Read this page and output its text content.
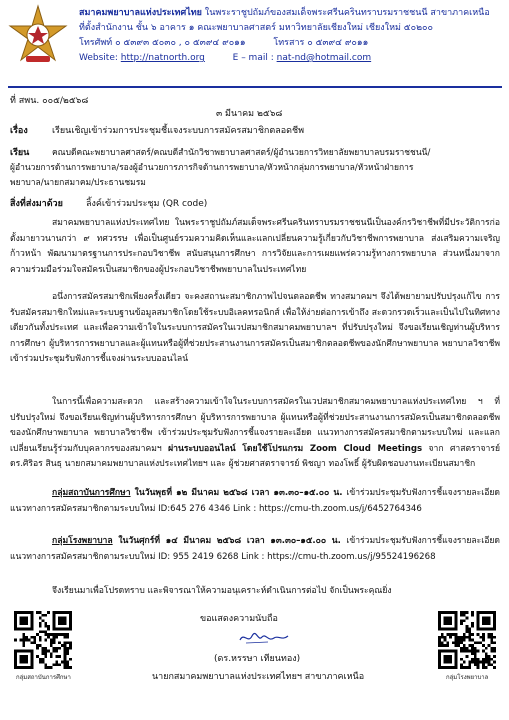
สมาคมพยาบาลแห่งประเทศไทย ในพระราชูปถัมภ์ของสมเด็จพระศรีนครินทราบรมราชชนนี สาขาภาคเหนือ
ที่ตั้งสำนักงาน ชั้น ๖ อาคาร ๑ คณะพยาบาลศาสตร์ มหาวิทยาลัยเชียงใหม่ เชียงใหม่ ๕๐๒๐๐
โทรศัพท์ ๐ ๕๓๙๓ ๕๐๓๐ , ๐ ๕๓๙๔ ๙๐๑๑	โทรสาร ๐ ๕๓๙๔ ๙๐๑๑
Website: http://natnorth.org	E – mail : nat-nd@hotmail.com
ที่ สพน. ๐๐๕/๒๕๖๘
๓ มีนาคม ๒๕๖๘
เรื่อง	เรียนเชิญเข้าร่วมการประชุมชี้แจงระบบการสมัครสมาชิกตลอดชีพ
เรียน	คณบดีคณะพยาบาลศาสตร์/คณบดีสำนักวิชาพยาบาลศาสตร์/ผู้อำนวยการวิทยาลัยพยาบาลบรมราชชนนี/
ผู้อำนวยการด้านการพยาบาล/รองผู้อำนวยการภารกิจด้านการพยาบาล/หัวหน้ากลุ่มการพยาบาล/หัวหน้าฝ่ายการ
พยาบาล/นายกสมาคม/ประธานชมรม
สิ่งที่ส่งมาด้วย	ลิ้งค์เข้าร่วมประชุม (QR code)
สมาคมพยาบาลแห่งประเทศไทย ในพระราชูปถัมภ์สมเด็จพระศรีนครินทราบรมราชชนนีเป็นองค์กรวิชาชีพที่มีประวัติการก่อตั้งมายาวนานกว่า ๙ ทศวรรษ เพื่อเป็นศูนย์รวมความคิดเห็นและแลกเปลี่ยนความรู้เกี่ยวกับวิชาชีพการพยาบาล ส่งเสริมความเจริญก้าวหน้า พัฒนามาตรฐานการประกอบวิชาชีพ สนับสนุนการศึกษา การวิจัยและการเผยแพร่ความรู้ทางการพยาบาล ส่วนหนึ่งมาจากความร่วมมือร่วมใจสมัครเป็นสมาชิกของผู้ประกอบวิชาชีพพยาบาลในประเทศไทย
อนึ่งการสมัครสมาชิกเพียงครั้งเดียว จะคงสถานะสมาชิกภาพไปจนตลอดชีพ ทางสมาคมฯ จึงได้พยายามปรับปรุงแก้ไข การรับสมัครสมาชิกใหม่และระบบฐานข้อมูลสมาชิกโดยใช้ระบบอิเลคทรอนิกส์ เพื่อให้ง่ายต่อการเข้าถึง สะดวกรวดเร็วและเป็นไปในทิศทางเดียวกันทั้งประเทศ และเพื่อความเข้าใจในระบบการสมัครในเวปสมาชิกสมาคมพยาบาลฯ ที่ปรับปรุงใหม่ จึงขอเรียนเชิญท่านผู้บริหารการศึกษา ผู้บริหารการพยาบาลและผู้แทนหรือผู้ที่ช่วยประสานงานการสมัครเป็นสมาชิกตลอดชีพของนักศึกษาพยาบาล พยาบาลวิชาชีพ เข้าร่วมประชุมรับฟังการชี้แจงผ่านระบบออนไลน์
ในการนี้เพื่อความสะดวก และสร้างความเข้าใจในระบบการสมัครในเวปสมาชิกสมาคมพยาบาลแห่งประเทศไทย ฯ ที่ปรับปรุงใหม่ จึงขอเรียนเชิญท่านผู้บริหารการศึกษา ผู้บริหารการพยาบาล ผู้แทนหรือผู้ที่ช่วยประสานงานการสมัครเป็นสมาชิกตลอดชีพของนักศึกษาพยาบาล พยาบาลวิชาชีพ เข้าร่วมประชุมรับฟังการชี้แจงรายละเอียด แนวทางการสมัครสมาชิกตามระบบใหม่ และแลกเปลี่ยนเรียนรู้ร่วมกับบุคลากรของสมาคมฯ ผ่านระบบออนไลน์ โดยใช้โปรแกรม Zoom Cloud Meetings จาก ศาสตราจารย์ ดร.ศิริอร สินธุ นายกสมาคมพยาบาลแห่งประเทศไทยฯ และ ผู้ช่วยศาสตราจารย์ พิชญา ทองโพธิ์ ผู้รับผิดชอบงานทะเบียนสมาชิก
กลุ่มสถาบันการศึกษา ในวันพุธที่ ๑๒ มีนาคม ๒๕๖๘ เวลา ๑๓.๓๐–๑๕.๐๐ น. เข้าร่วมประชุมรับฟังการชี้แจงรายละเอียด แนวทางการสมัครสมาชิกตามระบบใหม่ ID:645 276 4346 Link : https://cmu-th.zoom.us/j/6452764346
กลุ่มโรงพยาบาล ในวันศุกร์ที่ ๑๔ มีนาคม ๒๕๖๘ เวลา ๑๓.๓๐–๑๕.๐๐ น. เข้าร่วมประชุมรับฟังการชี้แจงรายละเอียด แนวทางการสมัครสมาชิกตามระบบใหม่ ID: 955 2419 6268 Link : https://cmu-th.zoom.us/j/95524196268
จึงเรียนมาเพื่อโปรดทราบ และพิจารณาให้ความอนุเคราะห์ดำเนินการต่อไป จักเป็นพระคุณยิ่ง
ขอแสดงความนับถือ
(ดร.หรรษา เทียนทอง)
นายกสมาคมพยาบาลแห่งประเทศไทยฯ สาขาภาคเหนือ
กลุ่มสถาบันการศึกษา	กลุ่มโรงพยาบาล
